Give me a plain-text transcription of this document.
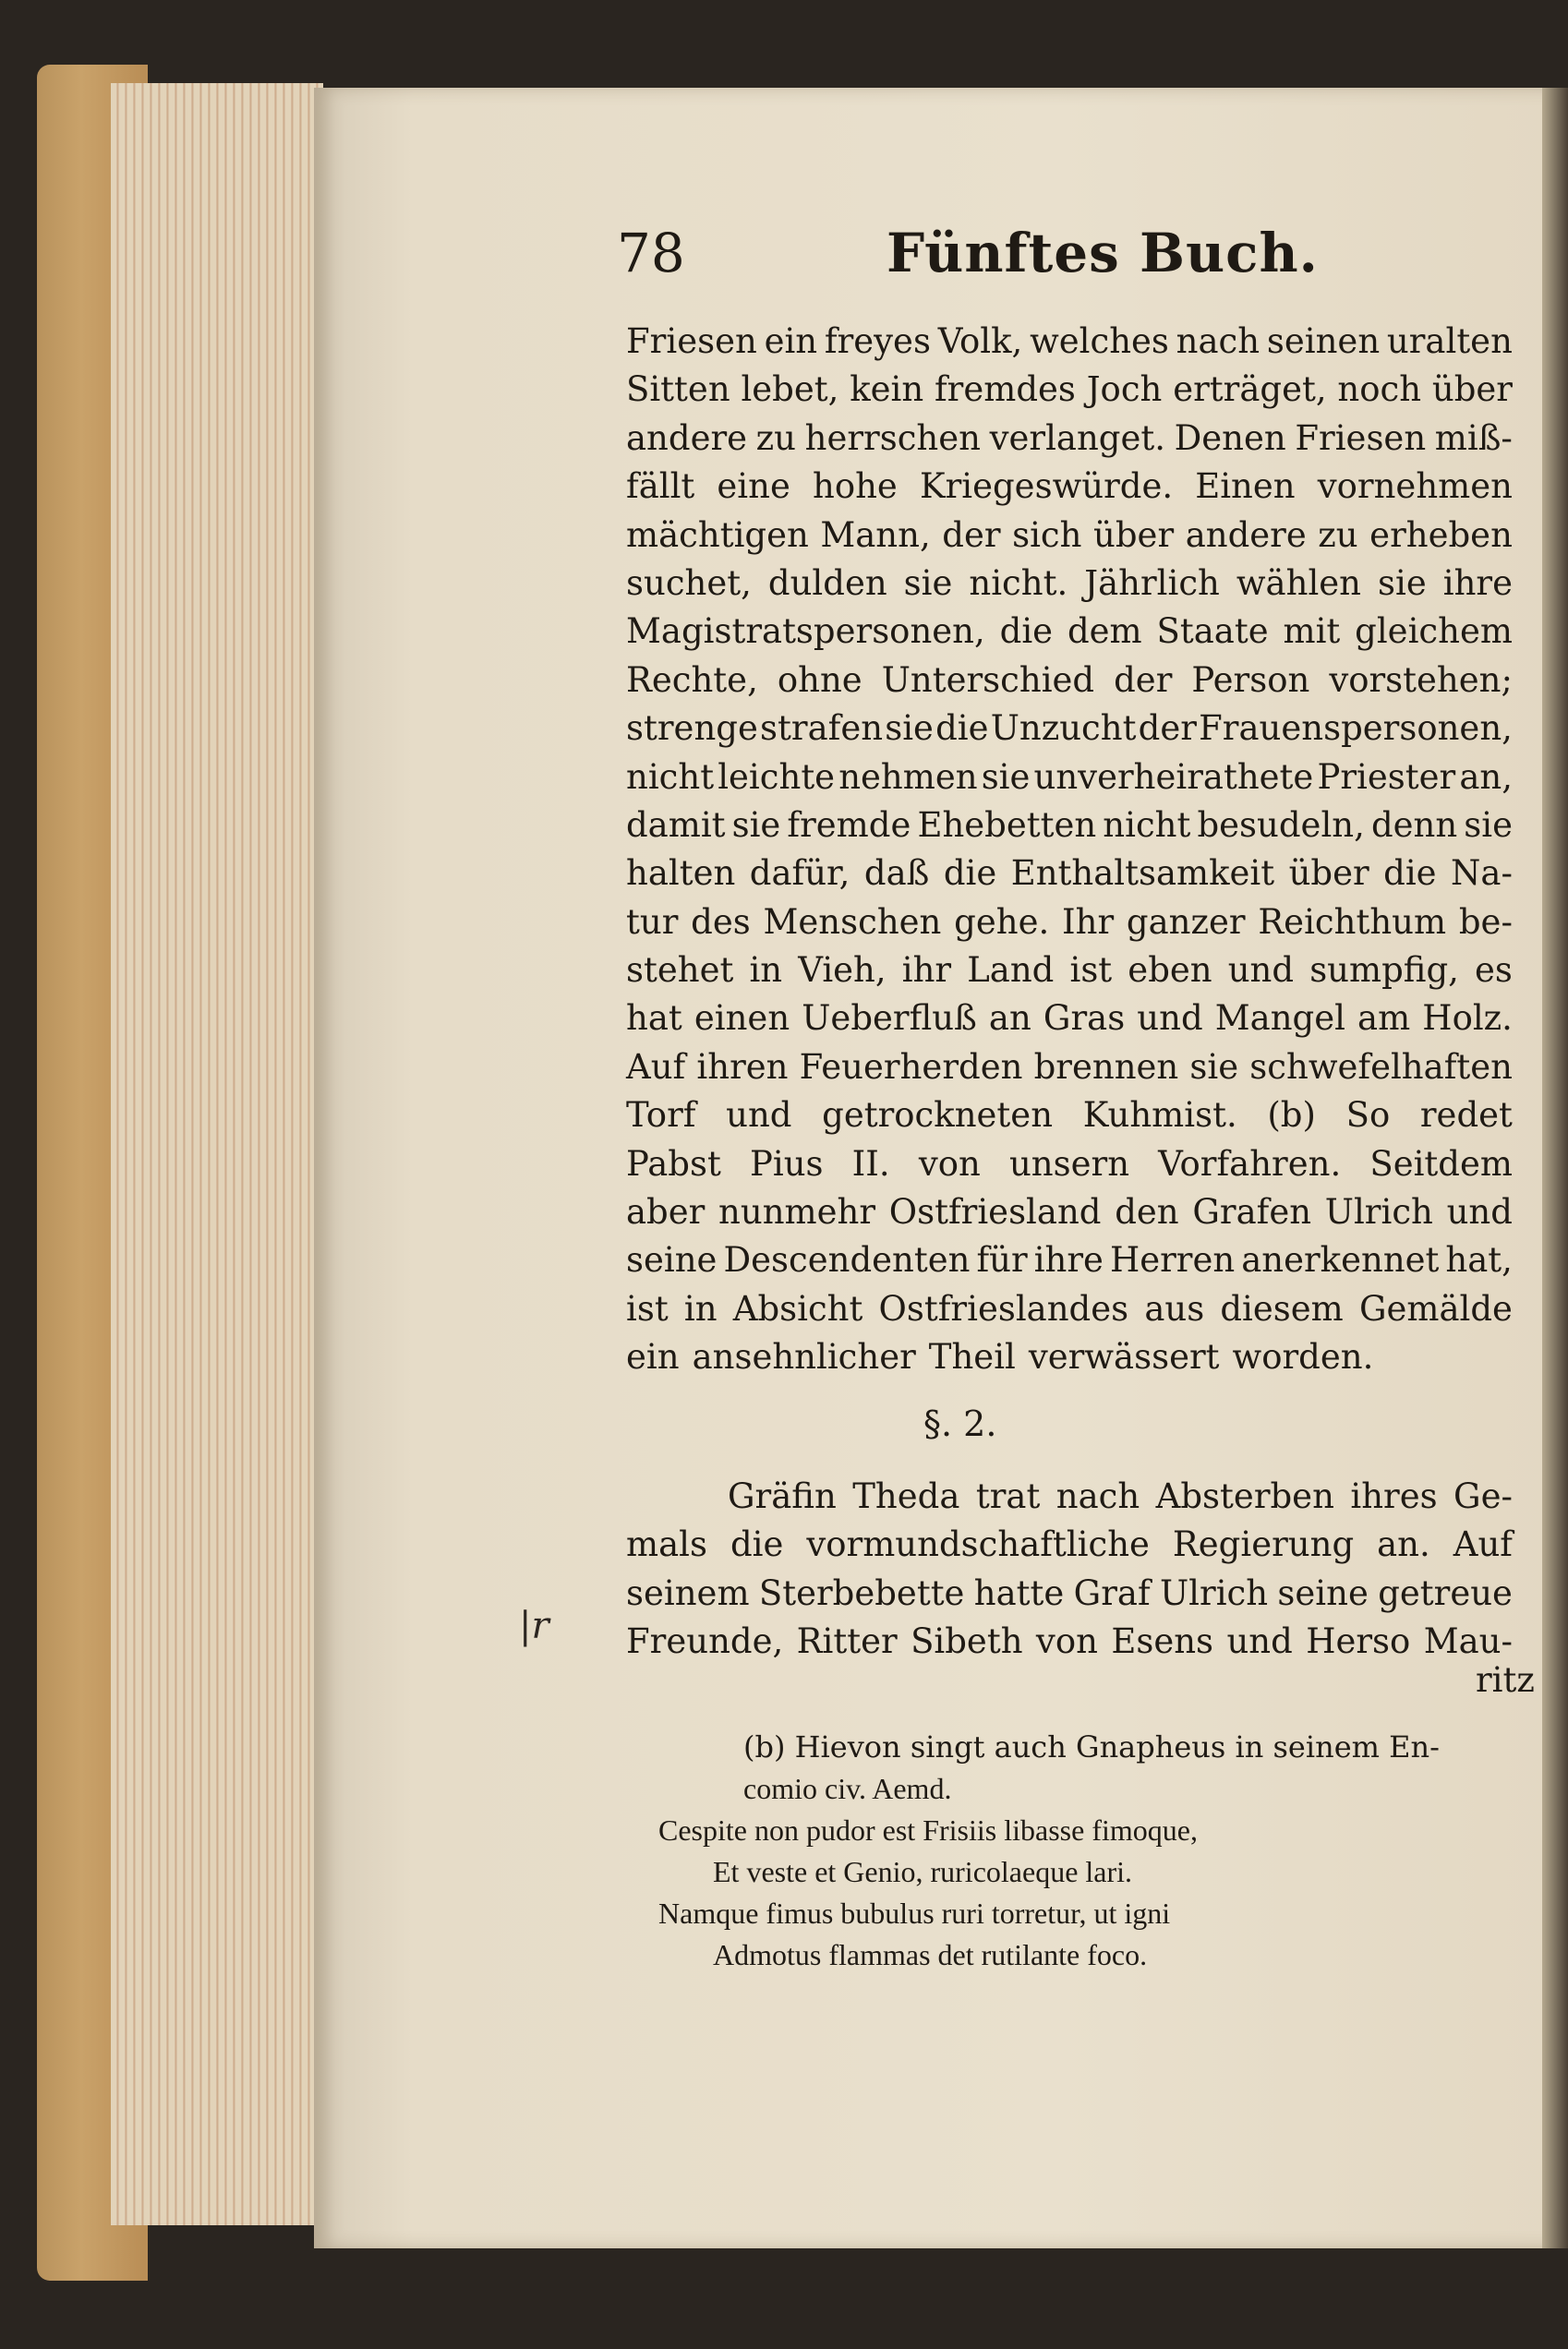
78	Fünftes Buch.
Friesen ein freyes Volk, welches nach seinen uralten
Sitten lebet, kein fremdes Joch erträget, noch über
andere zu herrschen verlanget. Denen Friesen miß-
fällt eine hohe Kriegeswürde. Einen vornehmen
mächtigen Mann, der sich über andere zu erheben
suchet, dulden sie nicht. Jährlich wählen sie ihre
Magistratspersonen, die dem Staate mit gleichem
Rechte, ohne Unterschied der Person vorstehen;
strenge strafen sie die Unzucht der Frauenspersonen,
nicht leichte nehmen sie unverheirathete Priester an,
damit sie fremde Ehebetten nicht besudeln, denn sie
halten dafür, daß die Enthaltsamkeit über die Na-
tur des Menschen gehe. Ihr ganzer Reichthum be-
stehet in Vieh, ihr Land ist eben und sumpfig, es
hat einen Ueberfluß an Gras und Mangel am Holz.
Auf ihren Feuerherden brennen sie schwefelhaften
Torf und getrockneten Kuhmist. (b) So redet
Pabst Pius II. von unsern Vorfahren. Seitdem
aber nunmehr Ostfriesland den Grafen Ulrich und
seine Descendenten für ihre Herren anerkennet hat,
ist in Absicht Ostfrieslandes aus diesem Gemälde
ein ansehnlicher Theil verwässert worden.
§. 2.
Gräfin Theda trat nach Absterben ihres Ge-
mals die vormundschaftliche Regierung an. Auf
seinem Sterbebette hatte Graf Ulrich seine getreue
Freunde, Ritter Sibeth von Esens und Herso Mau-
ritz
|r
(b) Hievon singt auch Gnapheus in seinem En-
comio civ. Aemd.
Cespite non pudor est Frisiis libasse fimoque,
Et veste et Genio, ruricolaeque lari.
Namque fimus bubulus ruri torretur, ut igni
Admotus flammas det rutilante foco.
